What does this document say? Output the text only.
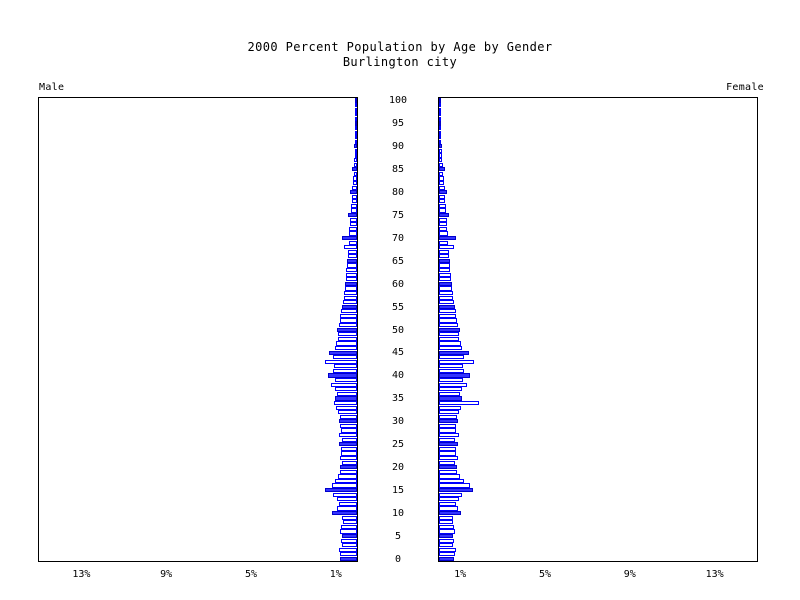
2000 Percent Population by Age by Gender
Burlington city
Male	Female
0
5
10
15
20
25
30
35
40
45
50
55
60
65
70
75
80
85
90
95
100
1%
5%
9%
13%	1%	5%	9%	13%
